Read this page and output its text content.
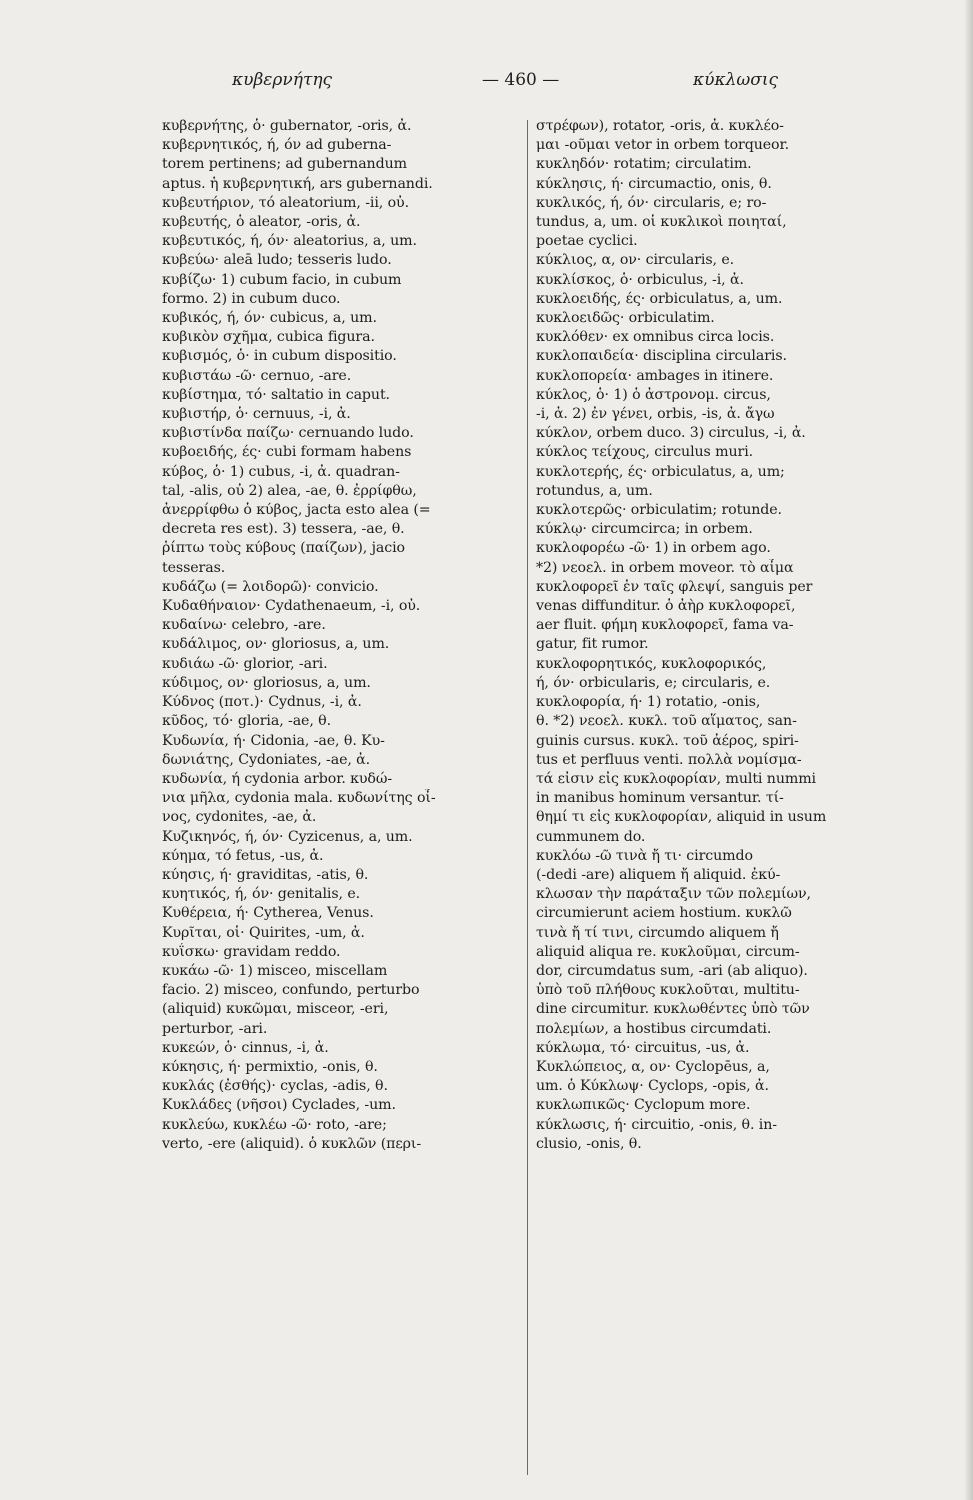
κυβερνήτης	— 460 —	κύκλωσις
κυβερνήτης, ὁ· gubernator, -oris, ἀ.
κυβερνητικός, ή, όν ad guberna-
torem pertinens; ad gubernandum
aptus. ἡ κυβερνητική, ars gubernandi.
κυβευτήριον, τό aleatorium, -ii, οὐ.
κυβευτής, ὁ aleator, -oris, ἀ.
κυβευτικός, ή, όν· aleatorius, a, um.
κυβεύω· aleā ludo; tesseris ludo.
κυβίζω· 1) cubum facio, in cubum
formo. 2) in cubum duco.
κυβικός, ή, όν· cubicus, a, um.
κυβικὸν σχῆμα, cubica figura.
κυβισμός, ὁ· in cubum dispositio.
κυβιστάω -ῶ· cernuo, -are.
κυβίστημα, τό· saltatio in caput.
κυβιστήρ, ὁ· cernuus, -i, ἀ.
κυβιστίνδα παίζω· cernuando ludo.
κυβοειδής, ές· cubi formam habens
κύβος, ὁ· 1) cubus, -i, ἀ. quadran-
tal, -alis, οὐ 2) alea, -ae, θ. ἐρρίφθω,
ἀνερρίφθω ὁ κύβος, jacta esto alea (=
decreta res est). 3) tessera, -ae, θ.
ῥίπτω τοὺς κύβους (παίζων), jacio
tesseras.
κυδάζω (= λοιδορῶ)· convicio.
Κυδαθήναιον· Cydathenaeum, -i, οὐ.
κυδαίνω· celebro, -are.
κυδάλιμος, ον· gloriosus, a, um.
κυδιάω -ῶ· glorior, -ari.
κύδιμος, ον· gloriosus, a, um.
Κύδνος (ποτ.)· Cydnus, -i, ἀ.
κῦδος, τό· gloria, -ae, θ.
Κυδωνία, ή· Cidonia, -ae, θ. Κυ-
δωνιάτης, Cydoniates, -ae, ἀ.
κυδωνία, ή cydonia arbor. κυδώ-
νια μῆλα, cydonia mala. κυδωνίτης οἶ-
νος, cydonites, -ae, ἀ.
Κυζικηνός, ή, όν· Cyzicenus, a, um.
κύημα, τό fetus, -us, ἀ.
κύησις, ή· graviditas, -atis, θ.
κυητικός, ή, όν· genitalis, e.
Κυθέρεια, ή· Cytherea, Venus.
Κυρῖται, οἱ· Quirites, -um, ἀ.
κυΐσκω· gravidam reddo.
κυκάω -ῶ· 1) misceo, miscellam
facio. 2) misceo, confundo, perturbo
(aliquid) κυκῶμαι, misceor, -eri,
perturbor, -ari.
κυκεών, ὁ· cinnus, -i, ἀ.
κύκησις, ή· permixtio, -onis, θ.
κυκλάς (ἐσθής)· cyclas, -adis, θ.
Κυκλάδες (νῆσοι) Cyclades, -um.
κυκλεύω, κυκλέω -ῶ· roto, -are;
verto, -ere (aliquid). ὁ κυκλῶν (περι-
στρέφων), rotator, -oris, ἀ. κυκλέο-
μαι -οῦμαι vetor in orbem torqueor.
κυκληδόν· rotatim; circulatim.
κύκλησις, ή· circumactio, onis, θ.
κυκλικός, ή, όν· circularis, e; ro-
tundus, a, um. οἱ κυκλικοὶ ποιηταί,
poetae cyclici.
κύκλιος, α, ον· circularis, e.
κυκλίσκος, ὁ· orbiculus, -i, ἀ.
κυκλοειδής, ές· orbiculatus, a, um.
κυκλοειδῶς· orbiculatim.
κυκλόθεν· ex omnibus circa locis.
κυκλοπαιδεία· disciplina circularis.
κυκλοπορεία· ambages in itinere.
κύκλος, ὁ· 1) ὁ ἀστρονομ. circus,
-i, ἀ. 2) ἐν γένει, orbis, -is, ἀ. ἄγω
κύκλον, orbem duco. 3) circulus, -i, ἀ.
κύκλος τείχους, circulus muri.
κυκλοτερής, ές· orbiculatus, a, um;
rotundus, a, um.
κυκλοτερῶς· orbiculatim; rotunde.
κύκλῳ· circumcirca; in orbem.
κυκλοφορέω -ῶ· 1) in orbem ago.
*2) νεοελ. in orbem moveor. τὸ αἷμα
κυκλοφορεῖ ἐν ταῖς φλεψί, sanguis per
venas diffunditur. ὁ ἀὴρ κυκλοφορεῖ,
aer fluit. φήμη κυκλοφορεῖ, fama va-
gatur, fit rumor.
κυκλοφορητικός, κυκλοφορικός,
ή, όν· orbicularis, e; circularis, e.
κυκλοφορία, ή· 1) rotatio, -onis,
θ. *2) νεοελ. κυκλ. τοῦ αἵματος, san-
guinis cursus. κυκλ. τοῦ ἀέρος, spiri-
tus et perfluus venti. πολλὰ νομίσμα-
τά εἰσιν εἰς κυκλοφορίαν, multi nummi
in manibus hominum versantur. τί-
θημί τι εἰς κυκλοφορίαν, aliquid in usum
cummunem do.
κυκλόω -ῶ τινὰ ἤ τι· circumdo
(-dedi -are) aliquem ἤ aliquid. ἐκύ-
κλωσαν τὴν παράταξιν τῶν πολεμίων,
circumierunt aciem hostium. κυκλῶ
τινὰ ἤ τί τινι, circumdo aliquem ἤ
aliquid aliqua re. κυκλοῦμαι, circum-
dor, circumdatus sum, -ari (ab aliquo).
ὑπὸ τοῦ πλήθους κυκλοῦται, multitu-
dine circumitur. κυκλωθέντες ὑπὸ τῶν
πολεμίων, a hostibus circumdati.
κύκλωμα, τό· circuitus, -us, ἀ.
Κυκλώπειος, α, ον· Cyclopēus, a,
um. ὁ Κύκλωψ· Cyclops, -opis, ἀ.
κυκλωπικῶς· Cyclopum more.
κύκλωσις, ή· circuitio, -onis, θ. in-
clusio, -onis, θ.
